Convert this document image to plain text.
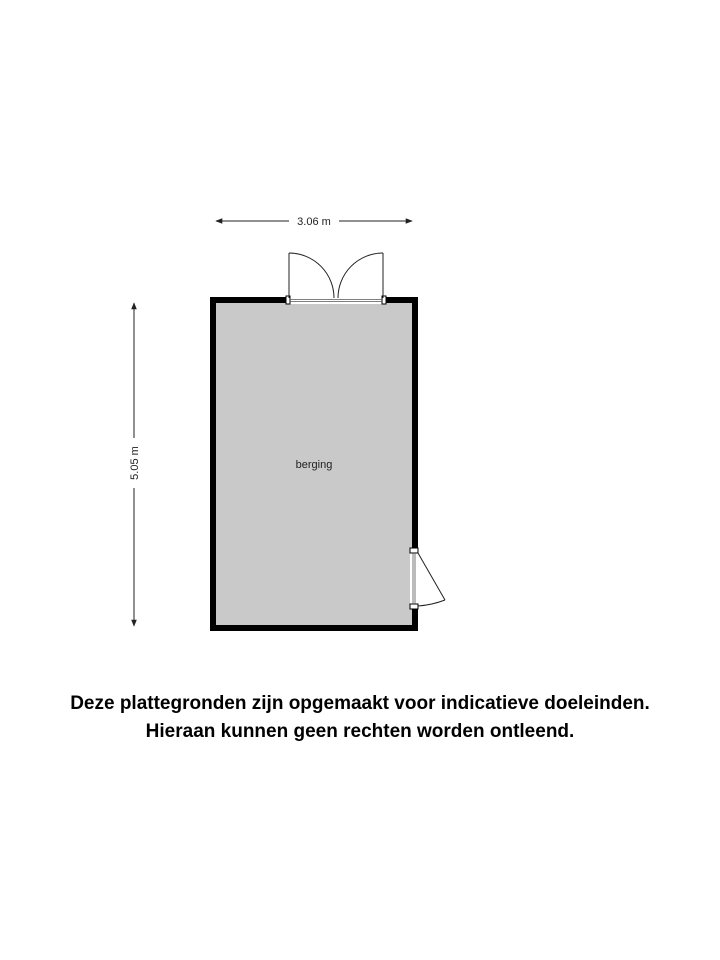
3.06 m
5.05 m	berging
Deze plattegronden zijn opgemaakt voor indicatieve doeleinden.
Hieraan kunnen geen rechten worden ontleend.
